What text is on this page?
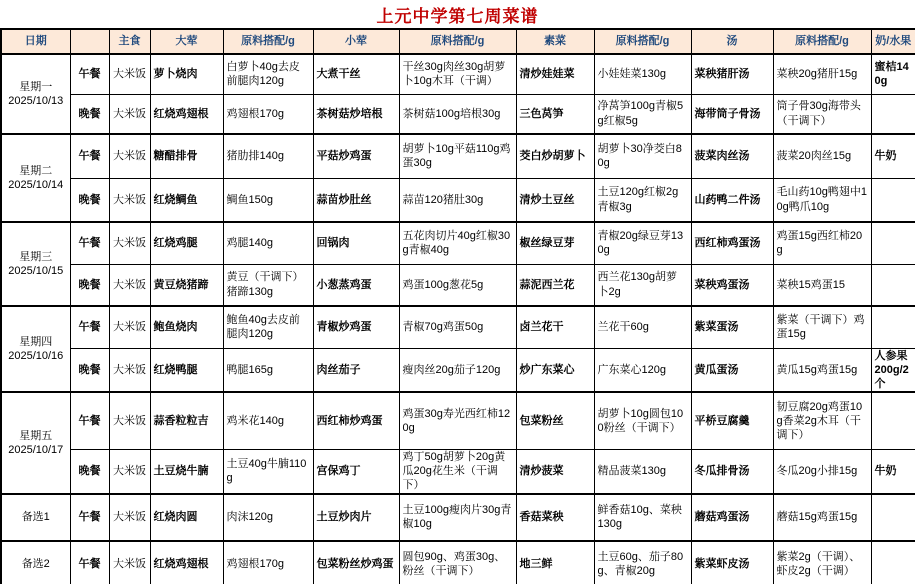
上元中学第七周菜谱
日期		主食	大荤	原料搭配/g	小荤	原料搭配/g	素菜	原料搭配/g	汤	原料搭配/g	奶/水果

星期一
2025/10/13	午餐	大米饭	萝卜烧肉	白萝卜40g去皮前腿肉120g	大煮干丝	干丝30g肉丝30g胡萝卜10g木耳（干调）	清炒娃娃菜	小娃娃菜130g	菜秧猪肝汤	菜秧20g猪肝15g	蜜桔140g
	晚餐	大米饭	红烧鸡翅根	鸡翅根170g	茶树菇炒培根	茶树菇100g培根30g	三色莴笋	净莴笋100g青椒5g红椒5g	海带筒子骨汤	筒子骨30g海带头（干调下）	

星期二
2025/10/14	午餐	大米饭	糖醋排骨	猪肋排140g	平菇炒鸡蛋	胡萝卜10g平菇110g鸡蛋30g	茭白炒胡萝卜	胡萝卜30净茭白80g	菠菜肉丝汤	菠菜20肉丝15g	牛奶
	晚餐	大米饭	红烧鲷鱼	鲷鱼150g	蒜苗炒肚丝	蒜苗120猪肚30g	清炒土豆丝	土豆120g红椒2g青椒3g	山药鸭二件汤	毛山药10g鸭翅中10g鸭爪10g	

星期三
2025/10/15	午餐	大米饭	红烧鸡腿	鸡腿140g	回锅肉	五花肉切片40g红椒30g青椒40g	椒丝绿豆芽	青椒20g绿豆芽130g	西红柿鸡蛋汤	鸡蛋15g西红柿20g	
	晚餐	大米饭	黄豆烧猪蹄	黄豆（干调下）猪蹄130g	小葱蒸鸡蛋	鸡蛋100g葱花5g	蒜泥西兰花	西兰花130g胡萝卜2g	菜秧鸡蛋汤	菜秧15鸡蛋15	

星期四
2025/10/16	午餐	大米饭	鲍鱼烧肉	鲍鱼40g去皮前腿肉120g	青椒炒鸡蛋	青椒70g鸡蛋50g	卤兰花干	兰花干60g	紫菜蛋汤	紫菜（干调下）鸡蛋15g	
	晚餐	大米饭	红烧鸭腿	鸭腿165g	肉丝茄子	瘦肉丝20g茄子120g	炒广东菜心	广东菜心120g	黄瓜蛋汤	黄瓜15g鸡蛋15g	人参果200g/2个

星期五
2025/10/17	午餐	大米饭	蒜香粒粒吉	鸡米花140g	西红柿炒鸡蛋	鸡蛋30g寿光西红柿120g	包菜粉丝	胡萝卜10g圆包100粉丝（干调下）	平桥豆腐羹	韧豆腐20g鸡蛋10g香菜2g木耳（干调下）	
	晚餐	大米饭	土豆烧牛腩	土豆40g牛腩110g	宫保鸡丁	鸡丁50g胡萝卜20g黄瓜20g花生米（干调下）	清炒菠菜	精品菠菜130g	冬瓜排骨汤	冬瓜20g小排15g	牛奶

备选1	午餐	大米饭	红烧肉圆	肉沫120g	土豆炒肉片	土豆100g瘦肉片30g青椒10g	香菇菜秧	鲜香菇10g、菜秧130g	蘑菇鸡蛋汤	蘑菇15g鸡蛋15g	

备选2	午餐	大米饭	红烧鸡翅根	鸡翅根170g	包菜粉丝炒鸡蛋	圆包90g、鸡蛋30g、粉丝（干调下）	地三鲜	土豆60g、茄子80g、青椒20g	紫菜虾皮汤	紫菜2g（干调）、虾皮2g（干调）	
